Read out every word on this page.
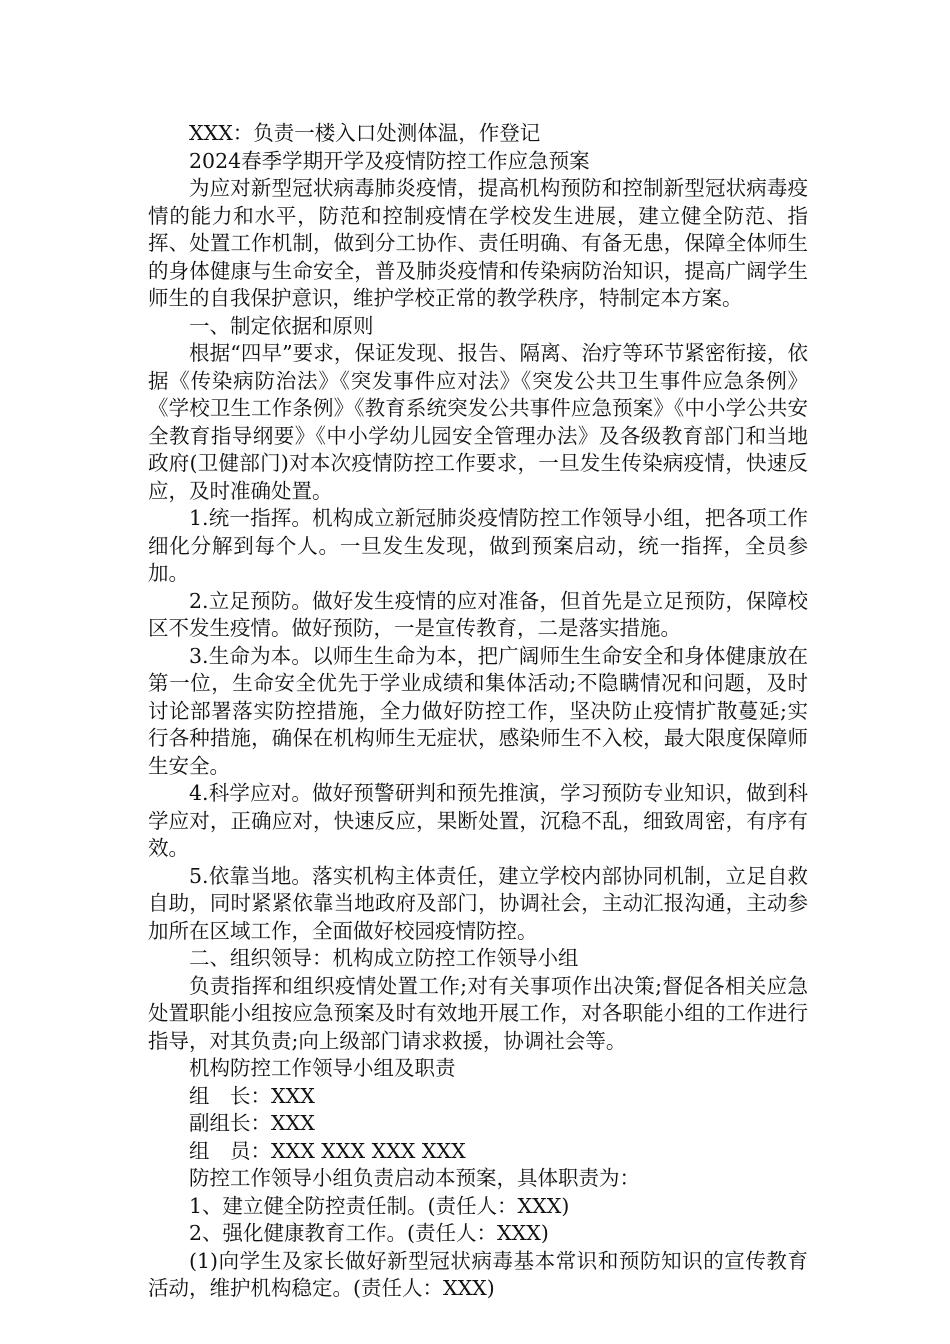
XXX：负责一楼入口处测体温，作登记

2024春季学期开学及疫情防控工作应急预案

为应对新型冠状病毒肺炎疫情，提高机构预防和控制新型冠状病毒疫情的能力和水平，防范和控制疫情在学校发生进展，建立健全防范、指挥、处置工作机制，做到分工协作、责任明确、有备无患，保障全体师生的身体健康与生命安全，普及肺炎疫情和传染病防治知识，提高广阔学生师生的自我保护意识，维护学校正常的教学秩序，特制定本方案。

一、制定依据和原则

根据“四早”要求，保证发现、报告、隔离、治疗等环节紧密衔接，依据《传染病防治法》《突发事件应对法》《突发公共卫生事件应急条例》《学校卫生工作条例》《教育系统突发公共事件应急预案》《中小学公共安全教育指导纲要》《中小学幼儿园安全管理办法》及各级教育部门和当地政府(卫健部门)对本次疫情防控工作要求，一旦发生传染病疫情，快速反应，及时准确处置。

1.统一指挥。机构成立新冠肺炎疫情防控工作领导小组，把各项工作细化分解到每个人。一旦发生发现，做到预案启动，统一指挥，全员参加。

2.立足预防。做好发生疫情的应对准备，但首先是立足预防，保障校区不发生疫情。做好预防，一是宣传教育，二是落实措施。

3.生命为本。以师生生命为本，把广阔师生生命安全和身体健康放在第一位，生命安全优先于学业成绩和集体活动;不隐瞒情况和问题，及时讨论部署落实防控措施，全力做好防控工作，坚决防止疫情扩散蔓延;实行各种措施，确保在机构师生无症状，感染师生不入校，最大限度保障师生安全。

4.科学应对。做好预警研判和预先推演，学习预防专业知识，做到科学应对，正确应对，快速反应，果断处置，沉稳不乱，细致周密，有序有效。

5.依靠当地。落实机构主体责任，建立学校内部协同机制，立足自救自助，同时紧紧依靠当地政府及部门，协调社会，主动汇报沟通，主动参加所在区域工作，全面做好校园疫情防控。

二、组织领导：机构成立防控工作领导小组

负责指挥和组织疫情处置工作;对有关事项作出决策;督促各相关应急处置职能小组按应急预案及时有效地开展工作，对各职能小组的工作进行指导，对其负责;向上级部门请求救援，协调社会等。

机构防控工作领导小组及职责

组　长：XXX

副组长：XXX

组　员：XXX XXX XXX XXX

防控工作领导小组负责启动本预案，具体职责为：

1、建立健全防控责任制。(责任人：XXX)

2、强化健康教育工作。(责任人：XXX)

(1)向学生及家长做好新型冠状病毒基本常识和预防知识的宣传教育活动，维护机构稳定。(责任人：XXX)
